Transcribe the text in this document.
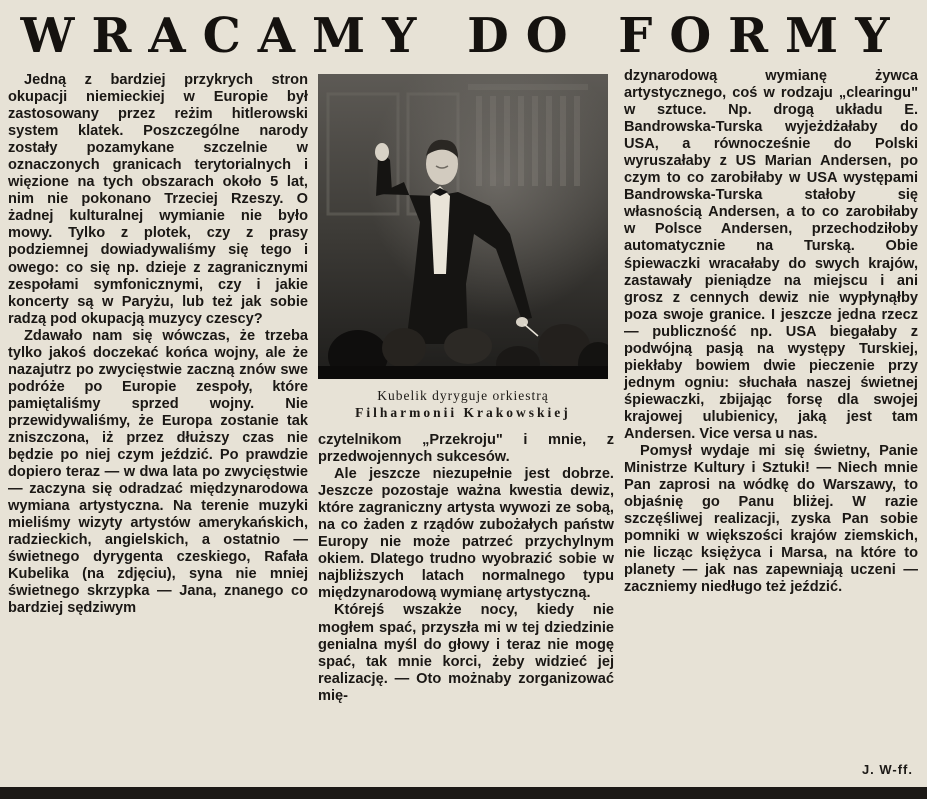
WRACAMY DO FORMY

Jedną z bardziej przykrych stron okupacji niemieckiej w Europie był zastosowany przez reżim hitlerowski system klatek. Poszczególne narody zostały pozamykane szczelnie w oznaczonych granicach terytorialnych i więzione na tych obszarach około 5 lat, nim nie pokonano Trzeciej Rzeszy. O żadnej kulturalnej wymianie nie było mowy. Tylko z plotek, czy z prasy podziemnej dowiadywaliśmy się tego i owego: co się np. dzieje z zagranicznymi zespołami symfonicznymi, czy i jakie koncerty są w Paryżu, lub też jak sobie radzą pod okupacją muzycy czescy?

Zdawało nam się wówczas, że trzeba tylko jakoś doczekać końca wojny, ale że nazajutrz po zwycięstwie zaczną znów swe podróże po Europie zespoły, które pamiętaliśmy sprzed wojny. Nie przewidywaliśmy, że Europa zostanie tak zniszczona, iż przez dłuższy czas nie będzie po niej czym jeździć. Po prawdzie dopiero teraz — w dwa lata po zwycięstwie — zaczyna się odradzać międzynarodowa wymiana artystyczna. Na terenie muzyki mieliśmy wizyty artystów amerykańskich, radzieckich, angielskich, a ostatnio — świetnego dyrygenta czeskiego, Rafała Kubelika (na zdjęciu), syna nie mniej świetnego skrzypka — Jana, znanego co bardziej sędziwym

Kubelik dyryguje orkiestrą
Filharmonii Krakowskiej

czytelnikom „Przekroju" i mnie, z przedwojennych sukcesów.

Ale jeszcze niezupełnie jest dobrze. Jeszcze pozostaje ważna kwestia dewiz, które zagraniczny artysta wywozi ze sobą, na co żaden z rządów zubożałych państw Europy nie może patrzeć przychylnym okiem. Dlatego trudno wyobrazić sobie w najbliższych latach normalnego typu międzynarodową wymianę artystyczną.

Którejś wszakże nocy, kiedy nie mogłem spać, przyszła mi w tej dziedzinie genialna myśl do głowy i teraz nie mogę spać, tak mnie korci, żeby widzieć jej realizację. — Oto możnaby zorganizować mię-

dzynarodową wymianę żywca artystycznego, coś w rodzaju „clearingu" w sztuce. Np. drogą układu E. Bandrowska-Turska wyjeżdżałaby do USA, a równocześnie do Polski wyruszałaby z US Marian Andersen, po czym to co zarobiłaby w USA występami Bandrowska-Turska stałoby się własnością Andersen, a to co zarobiłaby w Polsce Andersen, przechodziłoby automatycznie na Turską. Obie śpiewaczki wracałaby do swych krajów, zastawały pieniądze na miejscu i ani grosz z cennych dewiz nie wypłynąłby poza swoje granice. I jeszcze jedna rzecz — publiczność np. USA biegałaby z podwójną pasją na występy Turskiej, piekłaby bowiem dwie pieczenie przy jednym ogniu: słuchała naszej świetnej śpiewaczki, zbijając forsę dla swojej krajowej ulubienicy, jaką jest tam Andersen. Vice versa u nas.

Pomysł wydaje mi się świetny, Panie Ministrze Kultury i Sztuki! — Niech mnie Pan zaprosi na wódkę do Warszawy, to objaśnię go Panu bliżej. W razie szczęśliwej realizacji, zyska Pan sobie pomniki w większości krajów ziemskich, nie licząc księżyca i Marsa, na które to planety — jak nas zapewniają uczeni — zaczniemy niedługo też jeździć.

J. W-ff.
